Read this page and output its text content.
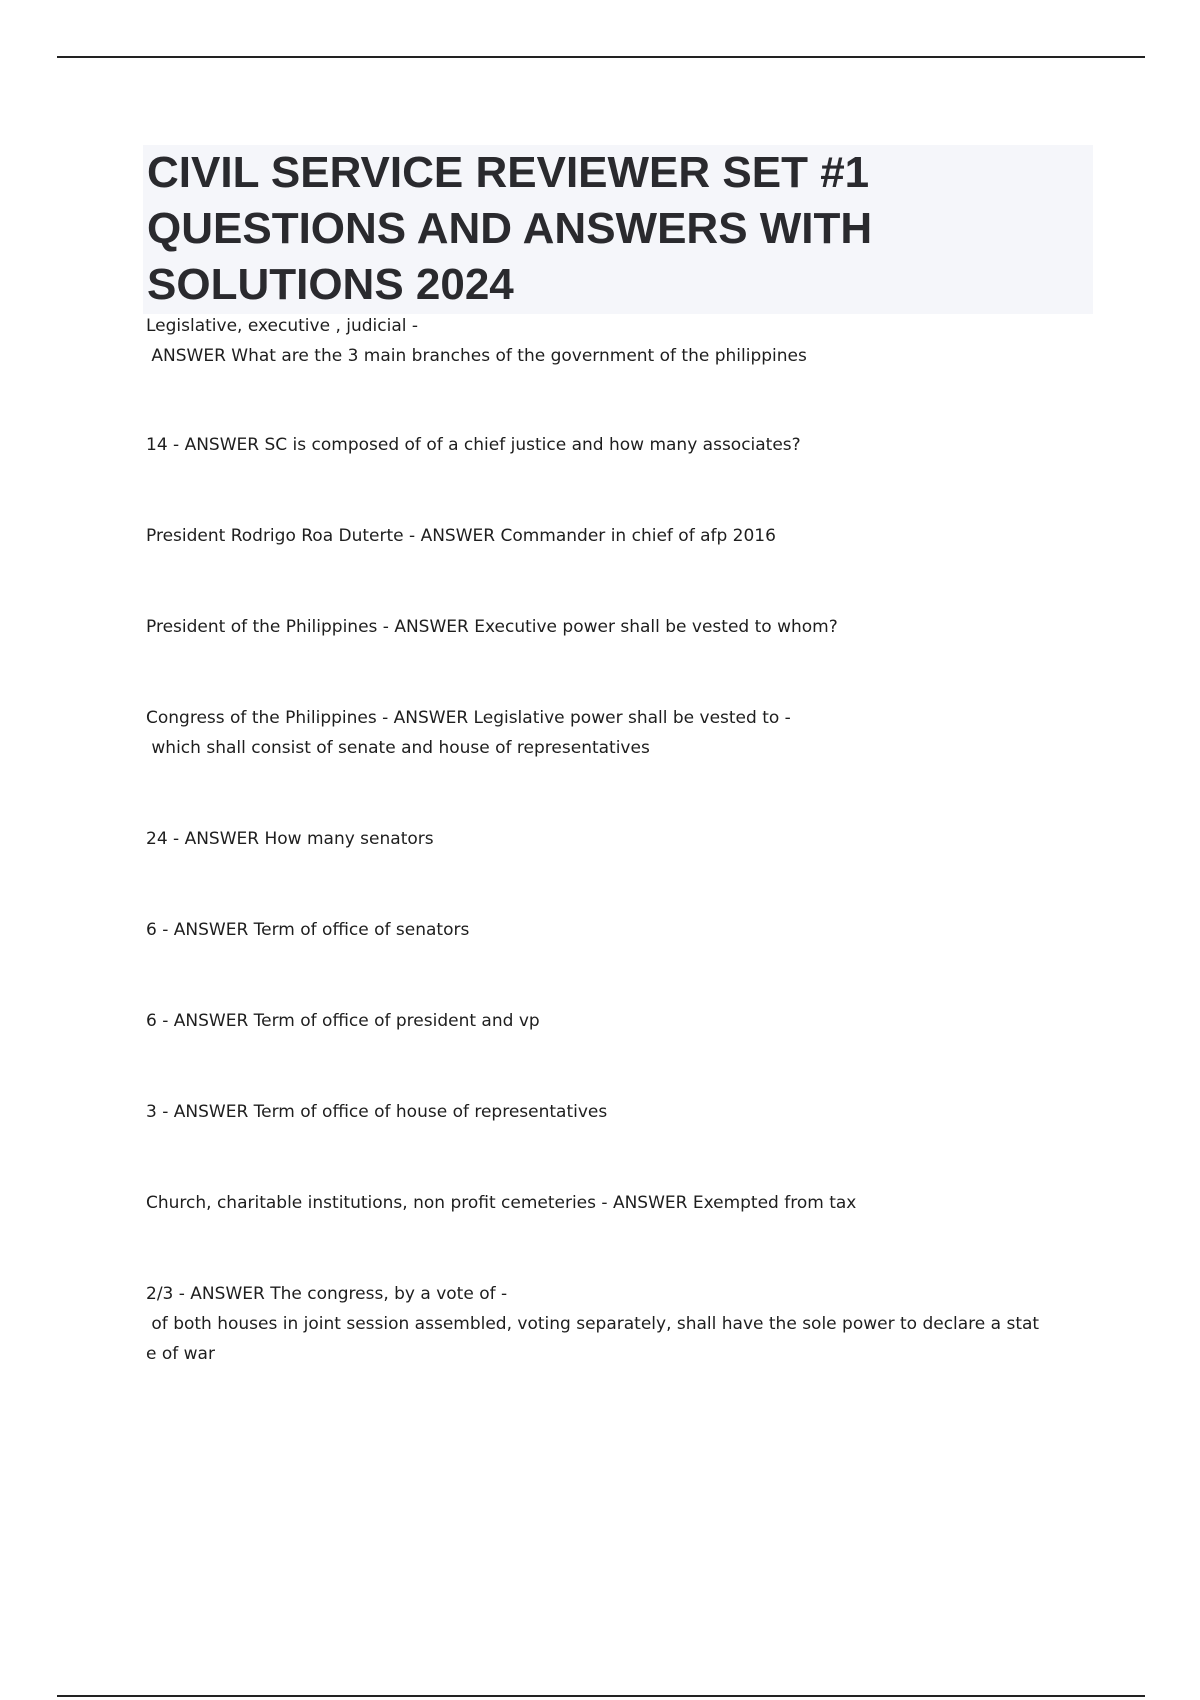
CIVIL SERVICE REVIEWER SET #1
QUESTIONS AND ANSWERS WITH
SOLUTIONS 2024

Legislative, executive , judicial -
ANSWER What are the 3 main branches of the government of the philippines

14 - ANSWER SC is composed of of a chief justice and how many associates?

President Rodrigo Roa Duterte - ANSWER Commander in chief of afp 2016

President of the Philippines - ANSWER Executive power shall be vested to whom?

Congress of the Philippines - ANSWER Legislative power shall be vested to -
which shall consist of senate and house of representatives

24 - ANSWER How many senators

6 - ANSWER Term of office of senators

6 - ANSWER Term of office of president and vp

3 - ANSWER Term of office of house of representatives

Church, charitable institutions, non profit cemeteries - ANSWER Exempted from tax

2/3 - ANSWER The congress, by a vote of -
of both houses in joint session assembled, voting separately, shall have the sole power to declare a stat
e of war
